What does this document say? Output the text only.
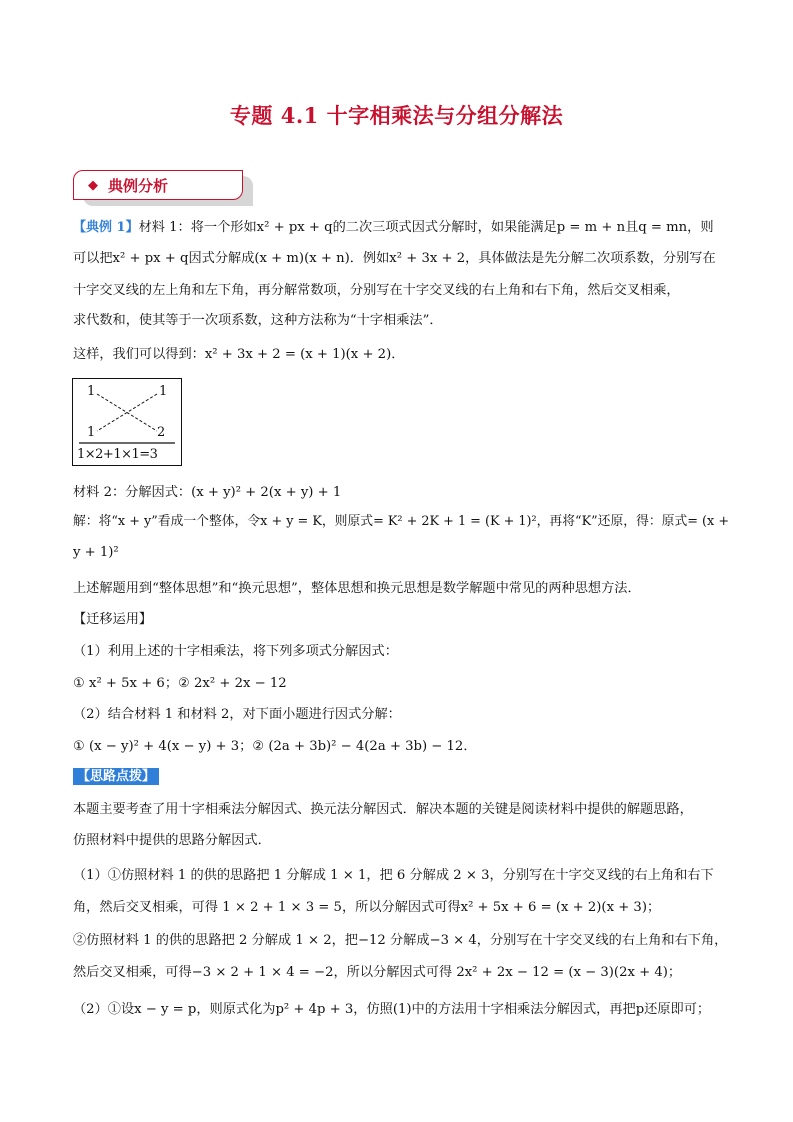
专题 4.1 十字相乘法与分组分解法
◆ 典例分析
【典例 1】材料 1：将一个形如x² + px + q的二次三项式因式分解时，如果能满足p = m + n且q = mn，则
可以把x² + px + q因式分解成(x + m)(x + n)．例如x² + 3x + 2，具体做法是先分解二次项系数，分别写在
十字交叉线的左上角和左下角，再分解常数项，分别写在十字交叉线的右上角和右下角，然后交叉相乘，
求代数和，使其等于一次项系数，这种方法称为“十字相乘法”．
这样，我们可以得到：x² + 3x + 2 = (x + 1)(x + 2)．
1	1
1	2
1×2+1×1=3
材料 2：分解因式：(x + y)² + 2(x + y) + 1
解：将“x + y”看成一个整体，令x + y = K，则原式= K² + 2K + 1 = (K + 1)²，再将“K”还原，得：原式= (x +
y + 1)²
上述解题用到“整体思想”和“换元思想”，整体思想和换元思想是数学解题中常见的两种思想方法．
【迁移运用】
（1）利用上述的十字相乘法，将下列多项式分解因式：
① x² + 5x + 6；② 2x² + 2x − 12
（2）结合材料 1 和材料 2，对下面小题进行因式分解：
① (x − y)² + 4(x − y) + 3；② (2a + 3b)² − 4(2a + 3b) − 12．
【思路点拨】
本题主要考查了用十字相乘法分解因式、换元法分解因式．解决本题的关键是阅读材料中提供的解题思路，
仿照材料中提供的思路分解因式．
（1）①仿照材料 1 的供的思路把 1 分解成 1 × 1，把 6 分解成 2 × 3，分别写在十字交叉线的右上角和右下
角，然后交叉相乘，可得 1 × 2 + 1 × 3 = 5，所以分解因式可得x² + 5x + 6 = (x + 2)(x + 3)；
②仿照材料 1 的供的思路把 2 分解成 1 × 2，把−12 分解成−3 × 4，分别写在十字交叉线的右上角和右下角，
然后交叉相乘，可得−3 × 2 + 1 × 4 = −2，所以分解因式可得 2x² + 2x − 12 = (x − 3)(2x + 4)；
（2）①设x − y = p，则原式化为p² + 4p + 3，仿照(1)中的方法用十字相乘法分解因式，再把p还原即可；
